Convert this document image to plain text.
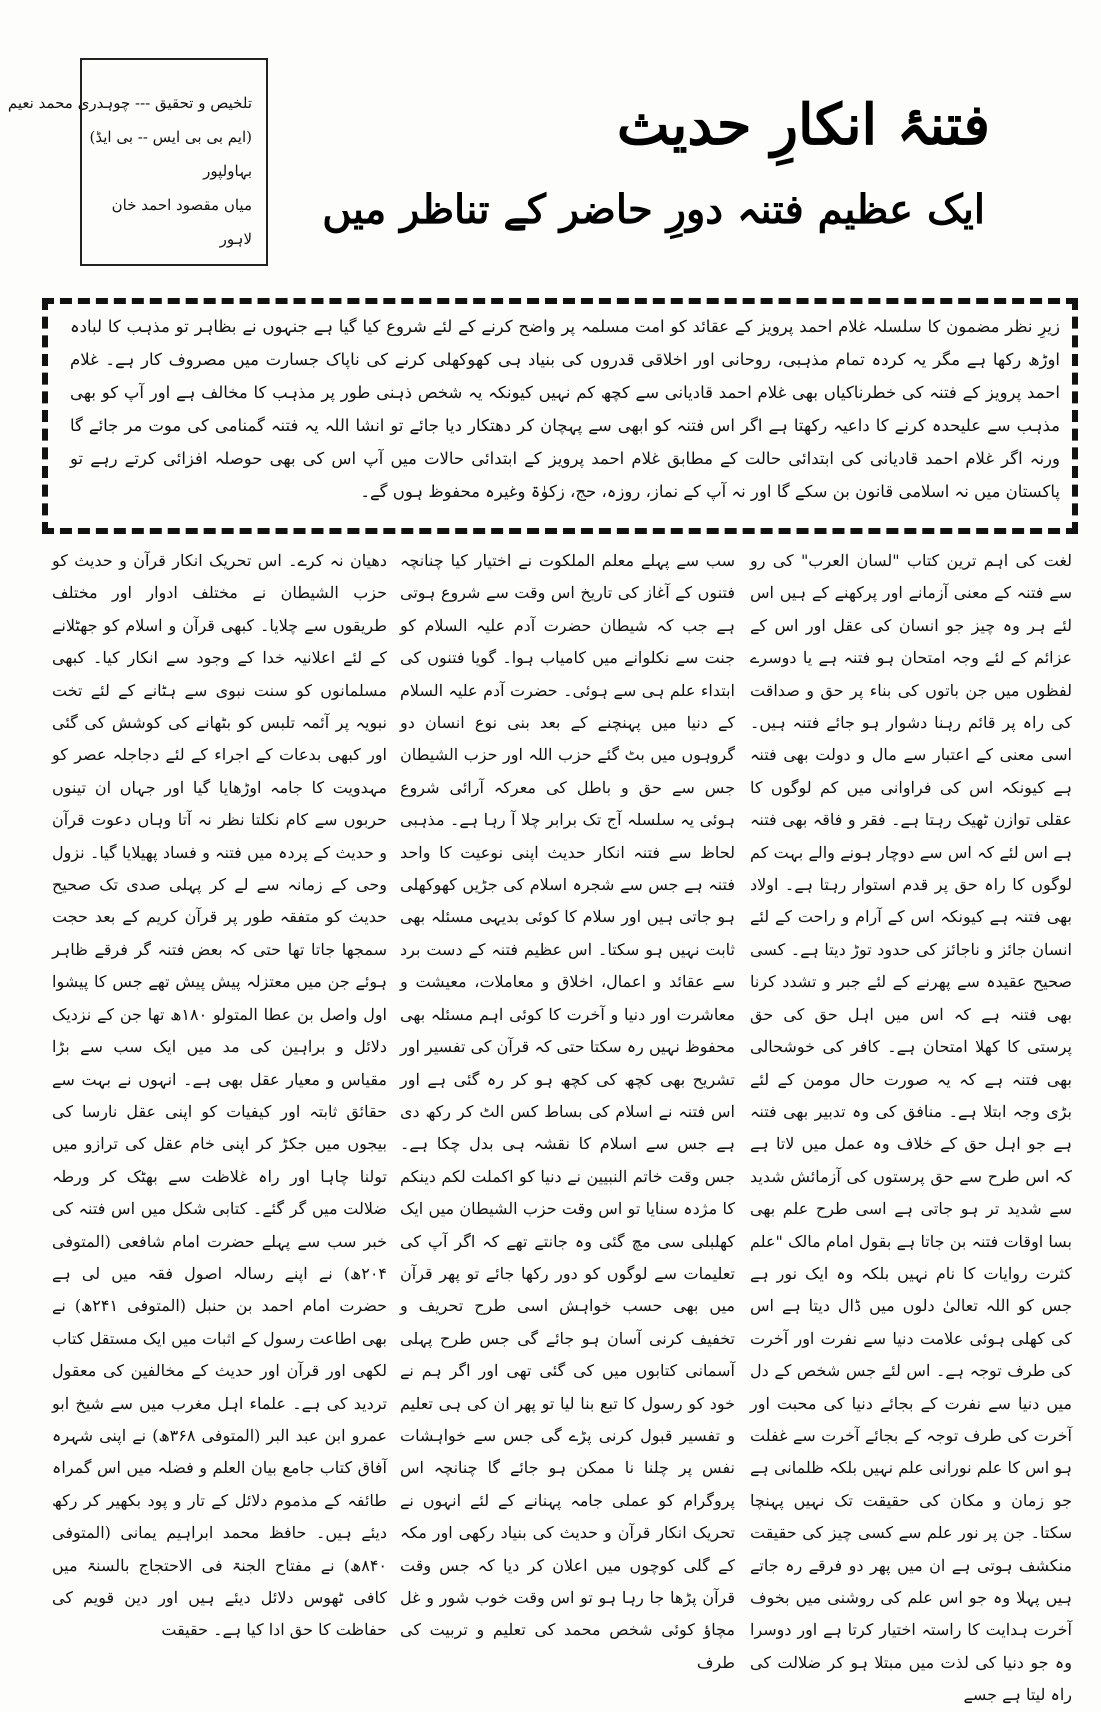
تلخیص و تحقیق --- چوہدری محمد نعیم
(ایم بی بی ایس -- بی ایڈ)
بہاولپور
میاں مقصود احمد خان
لاہور
فتنۂ انکارِ حدیث
ایک عظیم فتنہ دورِ حاضر کے تناظر میں
زیرِ نظر مضمون کا سلسلہ غلام احمد پرویز کے عقائد کو امت مسلمہ پر واضح کرنے کے لئے شروع کیا گیا ہے جنہوں نے بظاہر تو مذہب کا لبادہ اوڑھ رکھا ہے مگر یہ کردہ تمام مذہبی، روحانی اور اخلاقی قدروں کی بنیاد ہی کھوکھلی کرنے کی ناپاک جسارت میں مصروف کار ہے۔ غلام احمد پرویز کے فتنہ کی خطرناکیاں بھی غلام احمد قادیانی سے کچھ کم نہیں کیونکہ یہ شخص ذہنی طور پر مذہب کا مخالف ہے اور آپ کو بھی مذہب سے علیحدہ کرنے کا داعیہ رکھتا ہے اگر اس فتنہ کو ابھی سے پہچان کر دھتکار دیا جائے تو انشا اللہ یہ فتنہ گمنامی کی موت مر جائے گا ورنہ اگر غلام احمد قادیانی کی ابتدائی حالت کے مطابق غلام احمد پرویز کے ابتدائی حالات میں آپ اس کی بھی حوصلہ افزائی کرتے رہے تو پاکستان میں نہ اسلامی قانون بن سکے گا اور نہ آپ کے نماز، روزہ، حج، زکوٰۃ وغیرہ محفوظ ہوں گے۔

لغت کی اہم ترین کتاب "لسان العرب" کی رو سے فتنہ کے معنی آزمانے اور پرکھنے کے ہیں اس لئے ہر وہ چیز جو انسان کی عقل اور اس کے عزائم کے لئے وجہ امتحان ہو فتنہ ہے یا دوسرے لفظوں میں جن باتوں کی بناء پر حق و صداقت کی راہ پر قائم رہنا دشوار ہو جائے فتنہ ہیں۔ اسی معنی کے اعتبار سے مال و دولت بھی فتنہ ہے کیونکہ اس کی فراوانی میں کم لوگوں کا عقلی توازن ٹھیک رہتا ہے۔ فقر و فاقہ بھی فتنہ ہے اس لئے کہ اس سے دوچار ہونے والے بہت کم لوگوں کا راہ حق پر قدم استوار رہتا ہے۔ اولاد بھی فتنہ ہے کیونکہ اس کے آرام و راحت کے لئے انسان جائز و ناجائز کی حدود توڑ دیتا ہے۔ کسی صحیح عقیدہ سے پھرنے کے لئے جبر و تشدد کرنا بھی فتنہ ہے کہ اس میں اہل حق کی حق پرستی کا کھلا امتحان ہے۔ کافر کی خوشحالی بھی فتنہ ہے کہ یہ صورت حال مومن کے لئے بڑی وجہ ابتلا ہے۔ منافق کی وہ تدبیر بھی فتنہ ہے جو اہل حق کے خلاف وہ عمل میں لاتا ہے کہ اس طرح سے حق پرستوں کی آزمائش شدید سے شدید تر ہو جاتی ہے اسی طرح علم بھی بسا اوقات فتنہ بن جاتا ہے بقول امام مالک "علم کثرت روایات کا نام نہیں بلکہ وہ ایک نور ہے جس کو اللہ تعالیٰ دلوں میں ڈال دیتا ہے اس کی کھلی ہوئی علامت دنیا سے نفرت اور آخرت کی طرف توجہ ہے۔ اس لئے جس شخص کے دل میں دنیا سے نفرت کے بجائے دنیا کی محبت اور آخرت کی طرف توجہ کے بجائے آخرت سے غفلت ہو اس کا علم نورانی علم نہیں بلکہ ظلمانی ہے جو زمان و مکان کی حقیقت تک نہیں پہنچا سکتا۔ جن پر نور علم سے کسی چیز کی حقیقت منکشف ہوتی ہے ان میں پھر دو فرقے رہ جاتے ہیں پہلا وہ جو اس علم کی روشنی میں بخوف آخرت ہدایت کا راستہ اختیار کرتا ہے اور دوسرا وہ جو دنیا کی لذت میں مبتلا ہو کر ضلالت کی راہ لیتا ہے جسے

سب سے پہلے معلم الملکوت نے اختیار کیا چنانچہ فتنوں کے آغاز کی تاریخ اس وقت سے شروع ہوتی ہے جب کہ شیطان حضرت آدم علیہ السلام کو جنت سے نکلوانے میں کامیاب ہوا۔ گویا فتنوں کی ابتداء علم ہی سے ہوئی۔ حضرت آدم علیہ السلام کے دنیا میں پہنچنے کے بعد بنی نوع انسان دو گروہوں میں بٹ گئے حزب اللہ اور حزب الشیطان جس سے حق و باطل کی معرکہ آرائی شروع ہوئی یہ سلسلہ آج تک برابر چلا آ رہا ہے۔ مذہبی لحاظ سے فتنہ انکار حدیث اپنی نوعیت کا واحد فتنہ ہے جس سے شجرہ اسلام کی جڑیں کھوکھلی ہو جاتی ہیں اور سلام کا کوئی بدیہی مسئلہ بھی ثابت نہیں ہو سکتا۔ اس عظیم فتنہ کے دست برد سے عقائد و اعمال، اخلاق و معاملات، معیشت و معاشرت اور دنیا و آخرت کا کوئی اہم مسئلہ بھی محفوظ نہیں رہ سکتا حتی کہ قرآن کی تفسیر اور تشریح بھی کچھ کی کچھ ہو کر رہ گئی ہے اور اس فتنہ نے اسلام کی بساط کس الٹ کر رکھ دی ہے جس سے اسلام کا نقشہ ہی بدل چکا ہے۔ جس وقت خاتم النبیین نے دنیا کو اکملت لکم دینکم کا مژدہ سنایا تو اس وقت حزب الشیطان میں ایک کھلبلی سی مچ گئی وہ جانتے تھے کہ اگر آپ کی تعلیمات سے لوگوں کو دور رکھا جائے تو پھر قرآن میں بھی حسب خواہش اسی طرح تحریف و تخفیف کرنی آسان ہو جائے گی جس طرح پہلی آسمانی کتابوں میں کی گئی تھی اور اگر ہم نے خود کو رسول کا تبع بنا لیا تو پھر ان کی ہی تعلیم و تفسیر قبول کرنی پڑے گی جس سے خواہشات نفس پر چلنا نا ممکن ہو جائے گا چنانچہ اس پروگرام کو عملی جامہ پہنانے کے لئے انہوں نے تحریک انکار قرآن و حدیث کی بنیاد رکھی اور مکہ کے گلی کوچوں میں اعلان کر دیا کہ جس وقت قرآن پڑھا جا رہا ہو تو اس وقت خوب شور و غل مچاؤ کوئی شخص محمد کی تعلیم و تربیت کی طرف

دھیان نہ کرے۔ اس تحریک انکار قرآن و حدیث کو حزب الشیطان نے مختلف ادوار اور مختلف طریقوں سے چلایا۔ کبھی قرآن و اسلام کو جھٹلانے کے لئے اعلانیہ خدا کے وجود سے انکار کیا۔ کبھی مسلمانوں کو سنت نبوی سے ہٹانے کے لئے تخت نبویہ پر آئمہ تلبس کو بٹھانے کی کوشش کی گئی اور کبھی بدعات کے اجراء کے لئے دجاجلہ عصر کو مہدویت کا جامہ اوڑھایا گیا اور جہاں ان تینوں حربوں سے کام نکلتا نظر نہ آتا وہاں دعوت قرآن و حدیث کے پردہ میں فتنہ و فساد پھیلایا گیا۔ نزول وحی کے زمانہ سے لے کر پہلی صدی تک صحیح حدیث کو متفقہ طور پر قرآن کریم کے بعد حجت سمجھا جاتا تھا حتی کہ بعض فتنہ گر فرقے ظاہر ہوئے جن میں معتزلہ پیش پیش تھے جس کا پیشوا اول واصل بن عطا المتولو ۱۸۰ھ تھا جن کے نزدیک دلائل و براہین کی مد میں ایک سب سے بڑا مقیاس و معیار عقل بھی ہے۔ انہوں نے بہت سے حقائق ثابتہ اور کیفیات کو اپنی عقل نارسا کی بیجوں میں جکڑ کر اپنی خام عقل کی ترازو میں تولنا چاہا اور راہ غلاظت سے بھٹک کر ورطہ ضلالت میں گر گئے۔ کتابی شکل میں اس فتنہ کی خبر سب سے پہلے حضرت امام شافعی (المتوفی ۲۰۴ھ) نے اپنے رسالہ اصول فقہ میں لی ہے حضرت امام احمد بن حنبل (المتوفی ۲۴۱ھ) نے بھی اطاعت رسول کے اثبات میں ایک مستقل کتاب لکھی اور قرآن اور حدیث کے مخالفین کی معقول تردید کی ہے۔ علماء اہل مغرب میں سے شیخ ابو عمرو ابن عبد البر (المتوفی ۳۶۸ھ) نے اپنی شہرہ آفاق کتاب جامع بیان العلم و فضلہ میں اس گمراہ طائفہ کے مذموم دلائل کے تار و پود بکھیر کر رکھ دیئے ہیں۔ حافظ محمد ابراہیم یمانی (المتوفی ۸۴۰ھ) نے مفتاح الجنۃ فی الاحتجاج بالسنۃ میں کافی ٹھوس دلائل دیئے ہیں اور دین قویم کی حفاظت کا حق ادا کیا ہے۔ حقیقت
